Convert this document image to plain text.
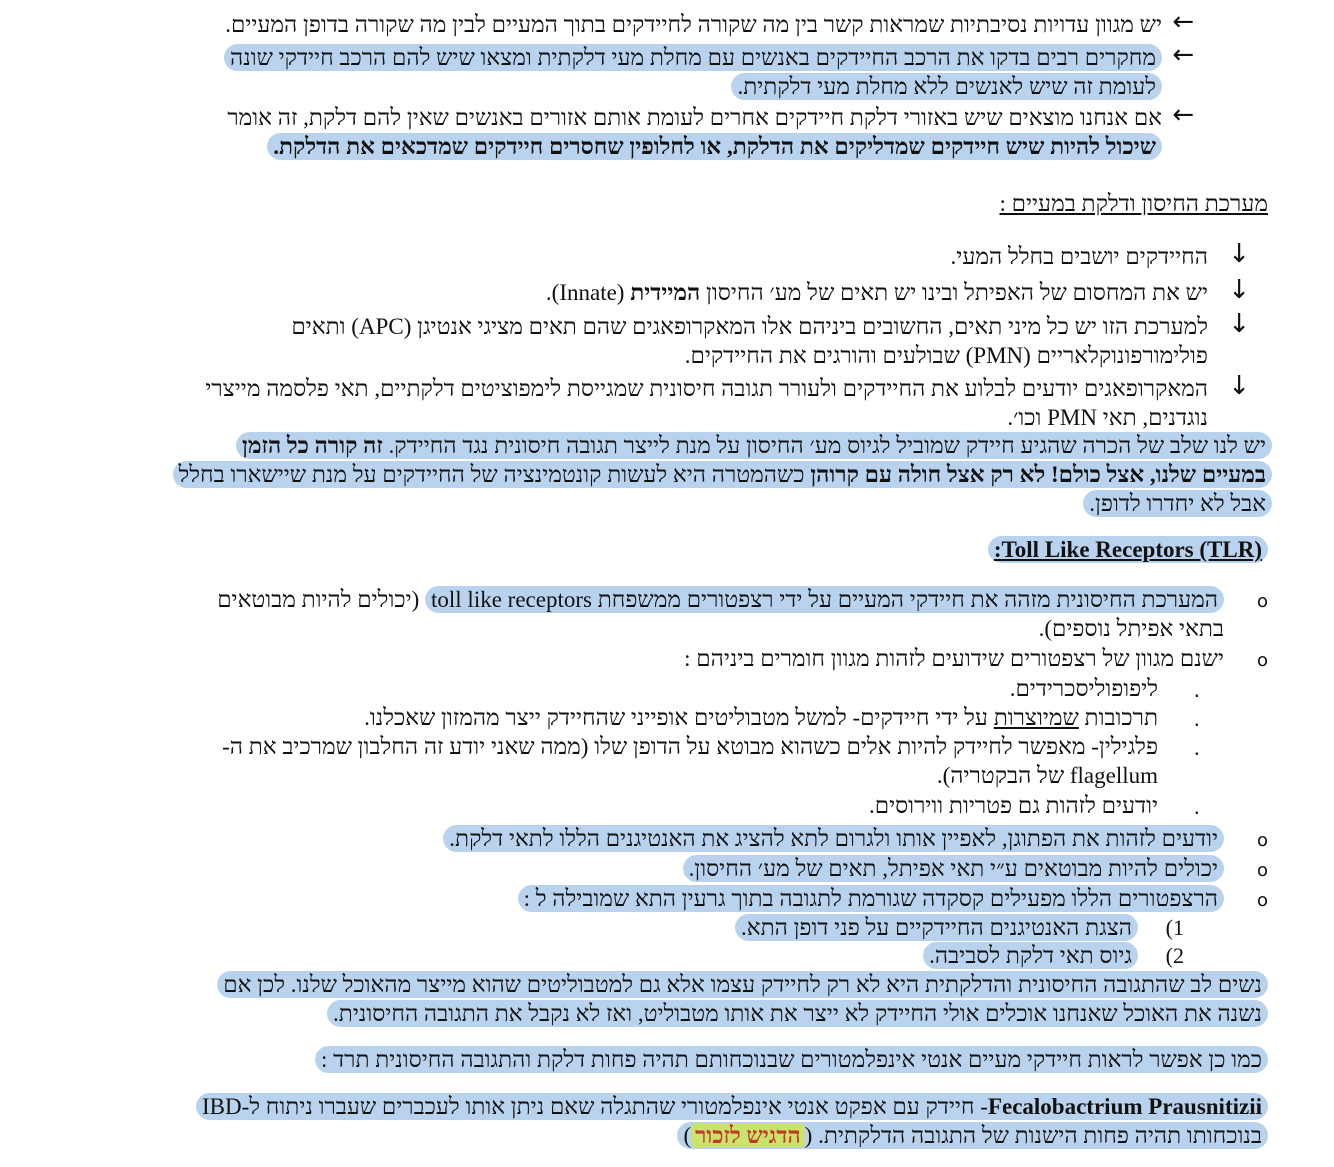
←
יש מגוון עדויות נסיבתיות שמראות קשר בין מה שקורה לחיידקים בתוך המעיים לבין מה שקורה בדופן המעיים.
←
מחקרים רבים בדקו את הרכב החיידקים באנשים עם מחלת מעי דלקתית ומצאו שיש להם הרכב חיידקי שונה
לעומת זה שיש לאנשים ללא מחלת מעי דלקתית.
←
אם אנחנו מוצאים שיש באזורי דלקת חיידקים אחרים לעומת אותם אזורים באנשים שאין להם דלקת, זה אומר
שיכול להיות שיש חיידקים שמדליקים את הדלקת, או לחלופין שחסרים חיידקים שמדכאים את הדלקת.
מערכת החיסון ודלקת במעיים :
↓
החיידקים יושבים בחלל המעי.
↓
יש את המחסום של האפיתל ובינו יש תאים של מע׳ החיסון המיידית (Innate).
↓
למערכת הזו יש כל מיני תאים, החשובים ביניהם אלו המאקרופאגים שהם תאים מציגי אנטיגן (APC) ותאים
פולימורפונוקלאריים (PMN) שבולעים והורגים את החיידקים.
↓
המאקרופאגים יודעים לבלוע את החיידקים ולעורר תגובה חיסונית שמגייסת לימפוציטים דלקתיים, תאי פלסמה מייצרי
נוגדנים, תאי PMN וכו׳.
יש לנו שלב של הכרה שהגיע חיידק שמוביל לגיוס מע׳ החיסון על מנת לייצר תגובה חיסונית נגד החיידק. זה קורה כל הזמן
במעיים שלנו, אצל כולם! לא רק אצל חולה עם קרוהן כשהמטרה היא לעשות קונטמינציה של החיידקים על מנת שיישארו בחלל
אבל לא יחדרו לדופן.
Toll Like Receptors (TLR):
o
המערכת החיסונית מזהה את חיידקי המעיים על ידי רצפטורים ממשפחת toll like receptors (יכולים להיות מבוטאים
בתאי אפיתל נוספים).
o
ישנם מגוון של רצפטורים שידועים לזהות מגוון חומרים ביניהם :
.
ליפופוליסכרידים.
.
תרכובות שמיוצרות על ידי חיידקים- למשל מטבוליטים אופייני שהחיידק ייצר מהמזון שאכלנו.
.
פלגילין- מאפשר לחיידק להיות אלים כשהוא מבוטא על הדופן שלו (ממה שאני יודע זה החלבון שמרכיב את ה-
flagellum של הבקטריה).
.
יודעים לזהות גם פטריות ווירוסים.
o
יודעים לזהות את הפתוגן, לאפיין אותו ולגרום לתא להציג את האנטיגנים הללו לתאי דלקת.
o
יכולים להיות מבוטאים ע״י תאי אפיתל, תאים של מע׳ החיסון.
o
הרצפטורים הללו מפעילים קסקדה שגורמת לתגובה בתוך גרעין התא שמובילה ל :
1)
הצגת האנטיגנים החיידקיים על פני דופן התא.
2)
גיוס תאי דלקת לסביבה.
נשים לב שהתגובה החיסונית והדלקתית היא לא רק לחיידק עצמו אלא גם למטבוליטים שהוא מייצר מהאוכל שלנו. לכן אם
נשנה את האוכל שאנחנו אוכלים אולי החיידק לא ייצר את אותו מטבוליט, ואז לא נקבל את התגובה החיסונית.
כמו כן אפשר לראות חיידקי מעיים אנטי אינפלמטורים שבנוכחותם תהיה פחות דלקת והתגובה החיסונית תרד :
Fecalobactrium Prausnitizii- חיידק עם אפקט אנטי אינפלמטורי שהתגלה שאם ניתן אותו לעכברים שעברו ניתוח ל-IBD
בנוכחותו תהיה פחות הישנות של התגובה הדלקתית. (הדגיש לזכור)
